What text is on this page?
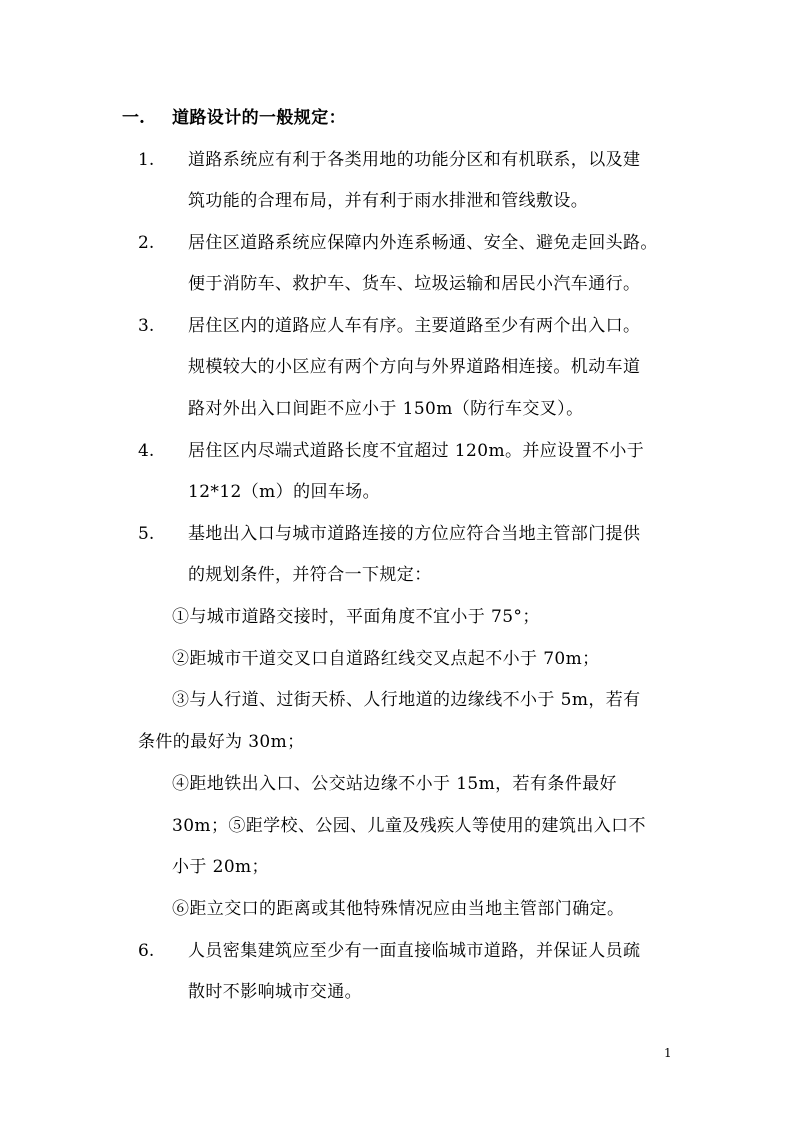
一. 道路设计的一般规定：
1. 道路系统应有利于各类用地的功能分区和有机联系，以及建
筑功能的合理布局，并有利于雨水排泄和管线敷设。
2. 居住区道路系统应保障内外连系畅通、安全、避免走回头路。
便于消防车、救护车、货车、垃圾运输和居民小汽车通行。
3. 居住区内的道路应人车有序。主要道路至少有两个出入口。
规模较大的小区应有两个方向与外界道路相连接。机动车道
路对外出入口间距不应小于 150m（防行车交叉）。
4. 居住区内尽端式道路长度不宜超过 120m。并应设置不小于
12*12（m）的回车场。
5. 基地出入口与城市道路连接的方位应符合当地主管部门提供
的规划条件，并符合一下规定：
①与城市道路交接时，平面角度不宜小于 75°；
②距城市干道交叉口自道路红线交叉点起不小于 70m；
③与人行道、过街天桥、人行地道的边缘线不小于 5m，若有
条件的最好为 30m；
④距地铁出入口、公交站边缘不小于 15m，若有条件最好
30m；⑤距学校、公园、儿童及残疾人等使用的建筑出入口不
小于 20m；
⑥距立交口的距离或其他特殊情况应由当地主管部门确定。
6. 人员密集建筑应至少有一面直接临城市道路，并保证人员疏
散时不影响城市交通。
1
